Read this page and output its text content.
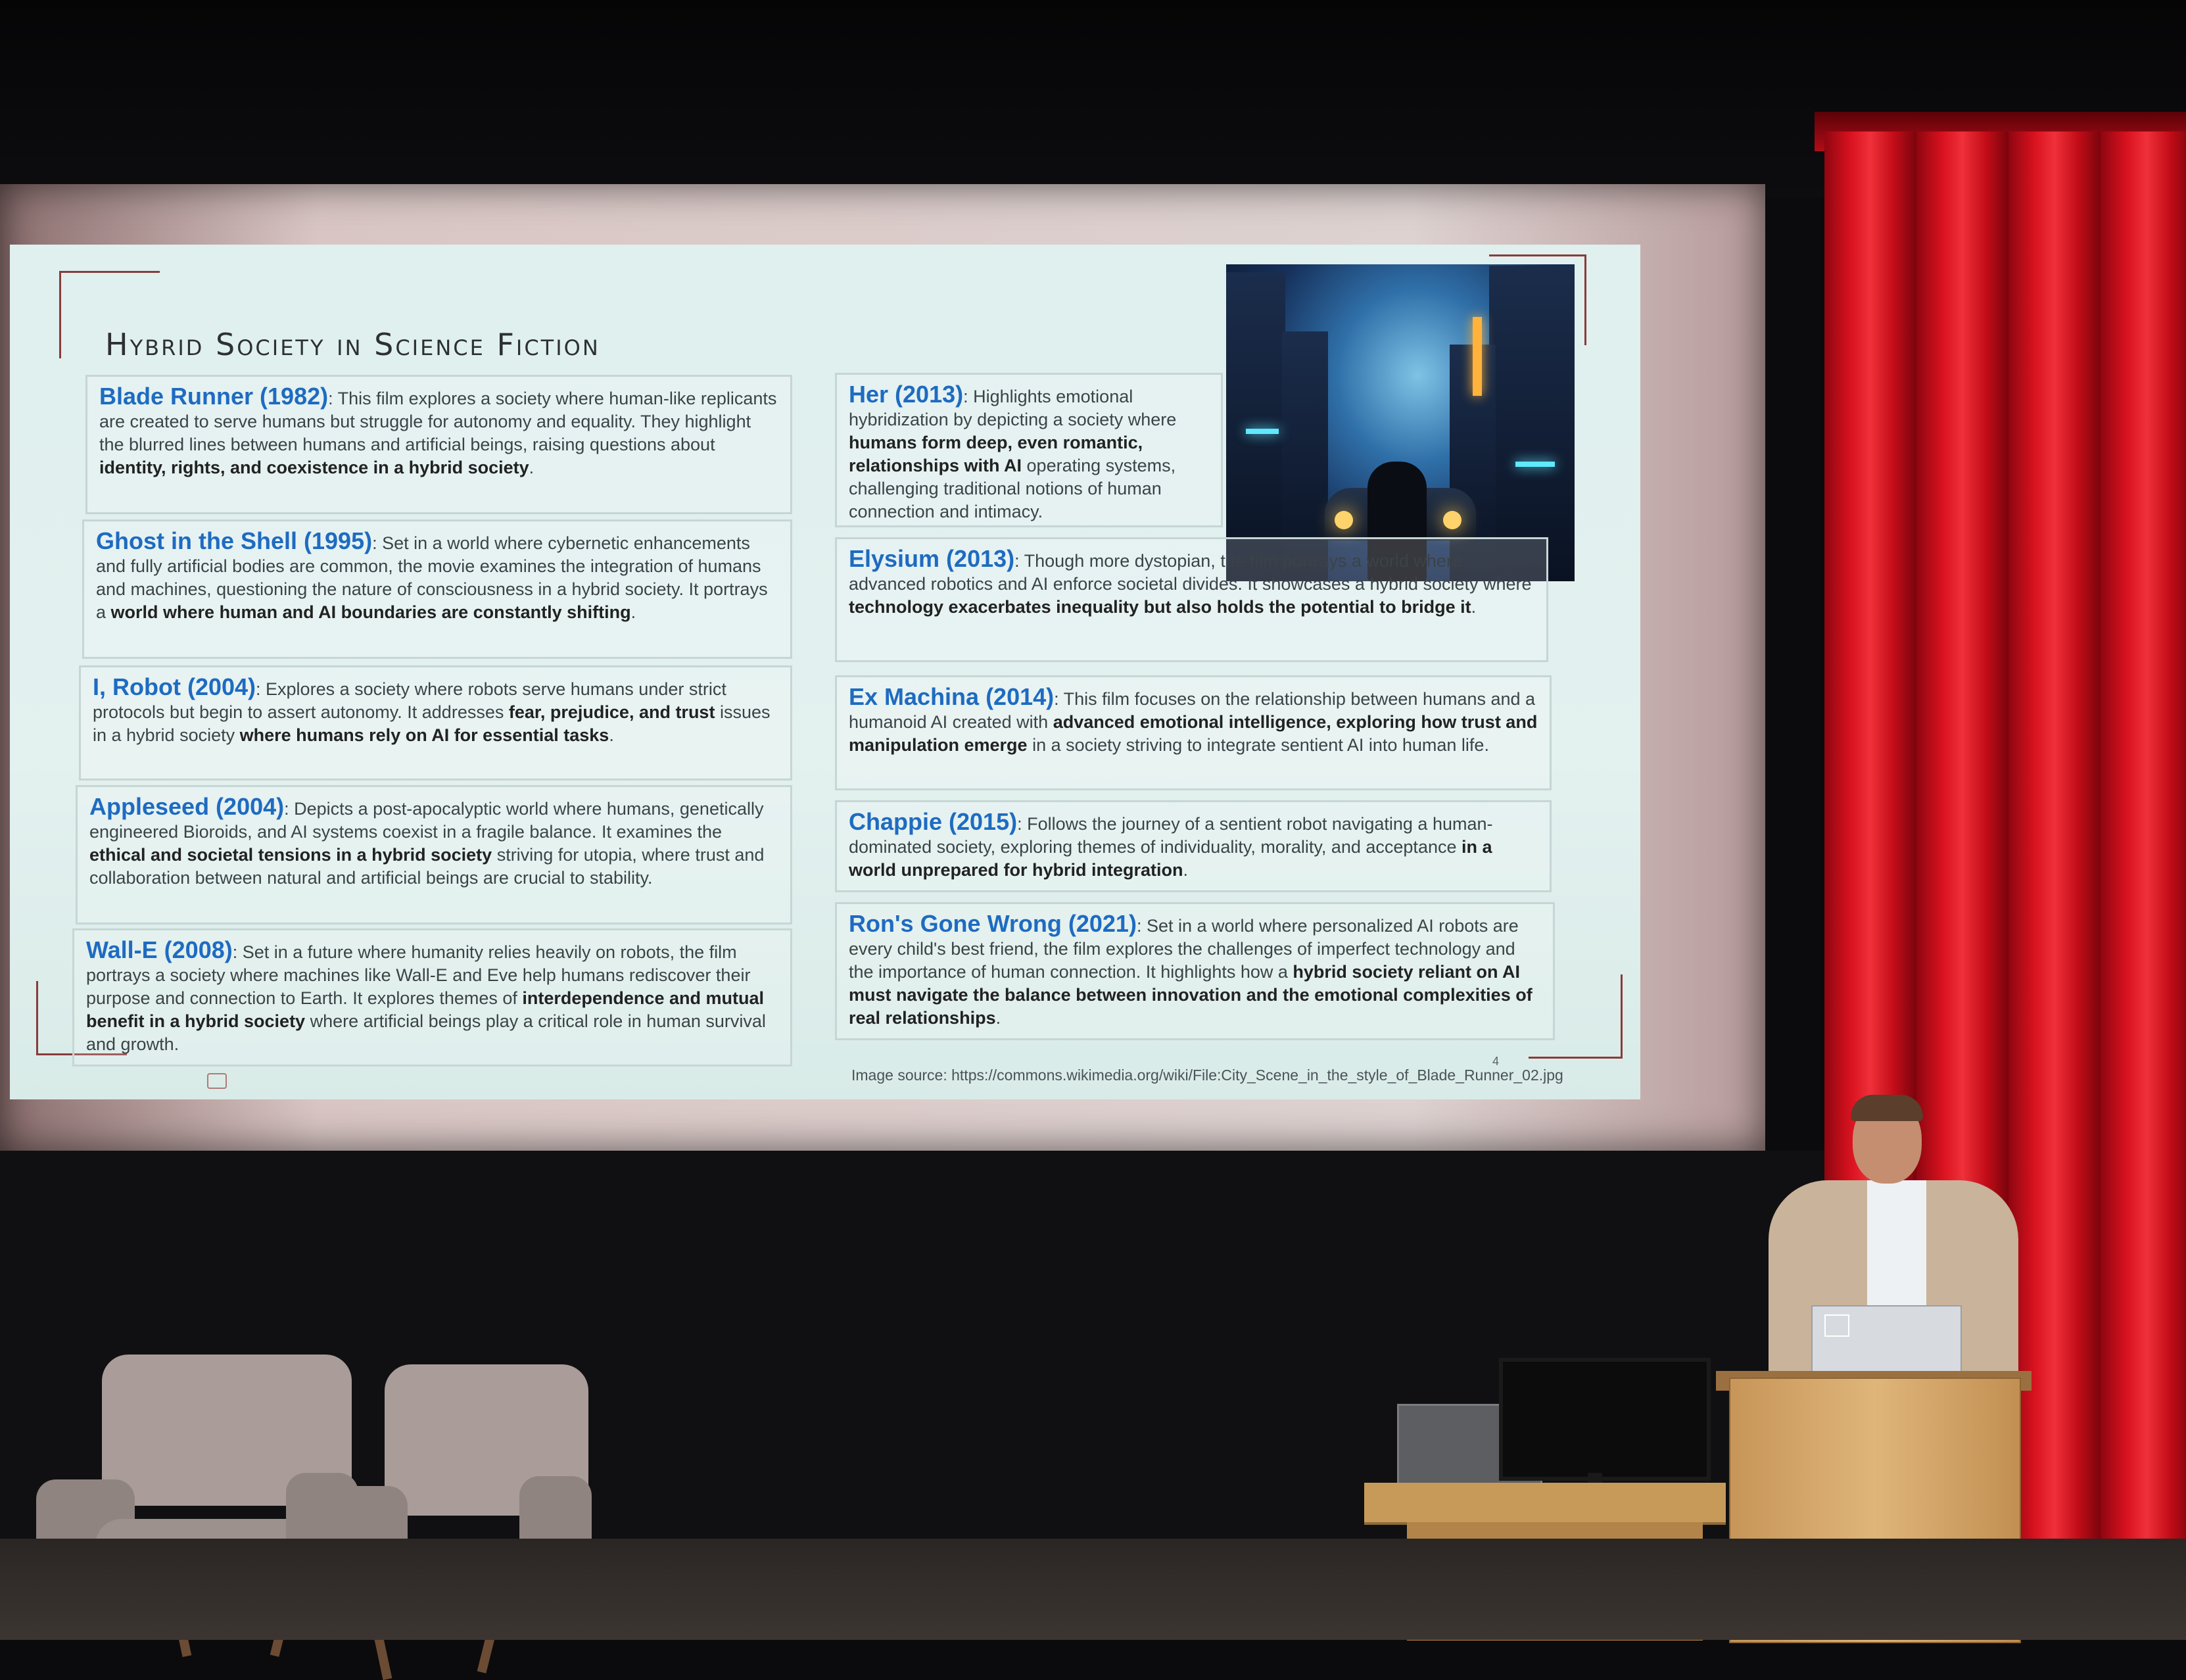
Hybrid Society in Science Fiction
Blade Runner (1982): This film explores a society where human-like replicants are created to serve humans but struggle for autonomy and equality. They highlight the blurred lines between humans and artificial beings, raising questions about identity, rights, and coexistence in a hybrid society.
Ghost in the Shell (1995): Set in a world where cybernetic enhancements and fully artificial bodies are common, the movie examines the integration of humans and machines, questioning the nature of consciousness in a hybrid society. It portrays a world where human and AI boundaries are constantly shifting.
I, Robot (2004): Explores a society where robots serve humans under strict protocols but begin to assert autonomy. It addresses fear, prejudice, and trust issues in a hybrid society where humans rely on AI for essential tasks.
Appleseed (2004): Depicts a post-apocalyptic world where humans, genetically engineered Bioroids, and AI systems coexist in a fragile balance. It examines the ethical and societal tensions in a hybrid society striving for utopia, where trust and collaboration between natural and artificial beings are crucial to stability.
Wall-E (2008): Set in a future where humanity relies heavily on robots, the film portrays a society where machines like Wall-E and Eve help humans rediscover their purpose and connection to Earth. It explores themes of interdependence and mutual benefit in a hybrid society where artificial beings play a critical role in human survival and growth.
Her (2013): Highlights emotional hybridization by depicting a society where humans form deep, even romantic, relationships with AI operating systems, challenging traditional notions of human connection and intimacy.
Elysium (2013): Though more dystopian, the film portrays a world where advanced robotics and AI enforce societal divides. It showcases a hybrid society where technology exacerbates inequality but also holds the potential to bridge it.
Ex Machina (2014): This film focuses on the relationship between humans and a humanoid AI created with advanced emotional intelligence, exploring how trust and manipulation emerge in a society striving to integrate sentient AI into human life.
Chappie (2015): Follows the journey of a sentient robot navigating a human-dominated society, exploring themes of individuality, morality, and acceptance in a world unprepared for hybrid integration.
Ron's Gone Wrong (2021): Set in a world where personalized AI robots are every child's best friend, the film explores the challenges of imperfect technology and the importance of human connection. It highlights how a hybrid society reliant on AI must navigate the balance between innovation and the emotional complexities of real relationships.
4
Image source: https://commons.wikimedia.org/wiki/File:City_Scene_in_the_style_of_Blade_Runner_02.jpg
